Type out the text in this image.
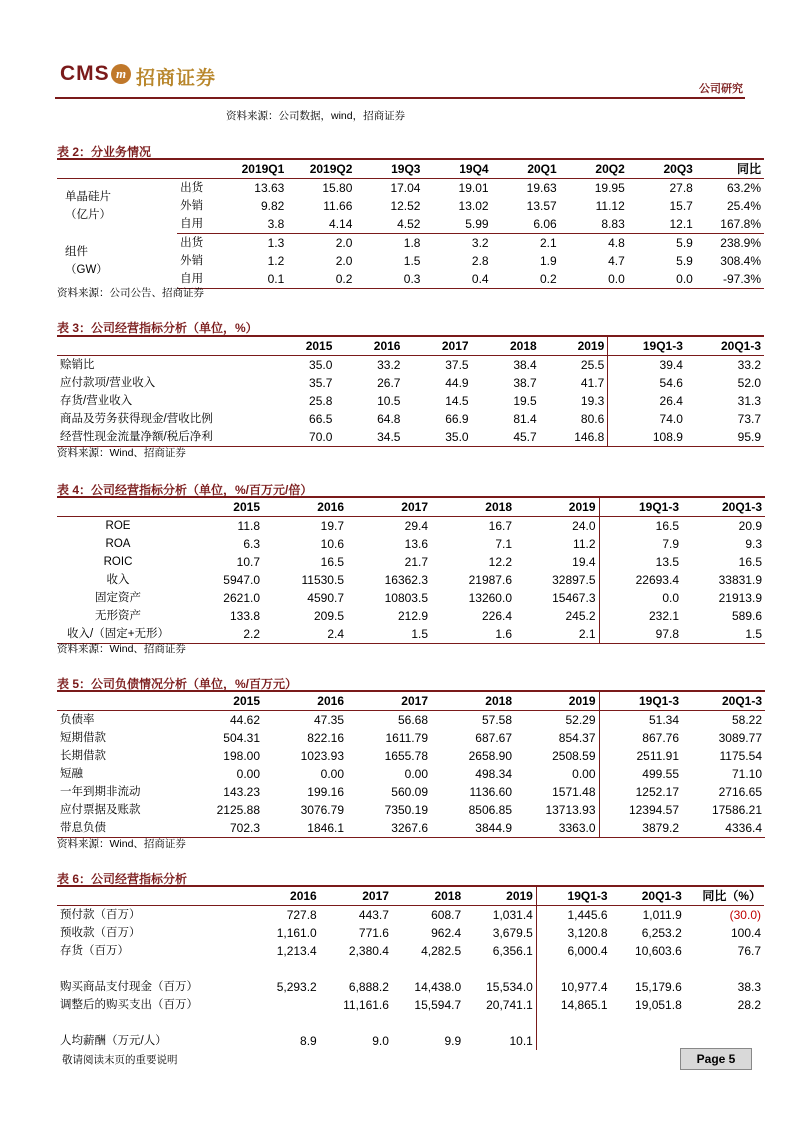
CMS m 招商证券	公司研究
资料来源：公司数据，wind，招商证券
表 2：分业务情况
		2019Q1	2019Q2	19Q3	19Q4	20Q1	20Q2	20Q3	同比

单晶硅片
（亿片）	出货	13.63	15.80	17.04	19.01	19.63	19.95	27.8	63.2%
	外销	9.82	11.66	12.52	13.02	13.57	11.12	15.7	25.4%
	自用	3.8	4.14	4.52	5.99	6.06	8.83	12.1	167.8%

组件
（GW）	出货	1.3	2.0	1.8	3.2	2.1	4.8	5.9	238.9%
	外销	1.2	2.0	1.5	2.8	1.9	4.7	5.9	308.4%
	自用	0.1	0.2	0.3	0.4	0.2	0.0	0.0	-97.3%
资料来源：公司公告、招商证券
表 3：公司经营指标分析（单位，%）
	2015	2016	2017	2018	2019	19Q1-3	20Q1-3
赊销比	35.0	33.2	37.5	38.4	25.5	39.4	33.2
应付款项/营业收入	35.7	26.7	44.9	38.7	41.7	54.6	52.0
存货/营业收入	25.8	10.5	14.5	19.5	19.3	26.4	31.3
商品及劳务获得现金/营收比例	66.5	64.8	66.9	81.4	80.6	74.0	73.7
经营性现金流量净额/税后净利	70.0	34.5	35.0	45.7	146.8	108.9	95.9
资料来源：Wind、招商证券
表 4：公司经营指标分析（单位，%/百万元/倍）
	2015	2016	2017	2018	2019	19Q1-3	20Q1-3
ROE	11.8	19.7	29.4	16.7	24.0	16.5	20.9
ROA	6.3	10.6	13.6	7.1	11.2	7.9	9.3
ROIC	10.7	16.5	21.7	12.2	19.4	13.5	16.5
收入	5947.0	11530.5	16362.3	21987.6	32897.5	22693.4	33831.9
固定资产	2621.0	4590.7	10803.5	13260.0	15467.3	0.0	21913.9
无形资产	133.8	209.5	212.9	226.4	245.2	232.1	589.6
收入/（固定+无形）	2.2	2.4	1.5	1.6	2.1	97.8	1.5
资料来源：Wind、招商证券
表 5：公司负债情况分析（单位，%/百万元）
	2015	2016	2017	2018	2019	19Q1-3	20Q1-3
负债率	44.62	47.35	56.68	57.58	52.29	51.34	58.22
短期借款	504.31	822.16	1611.79	687.67	854.37	867.76	3089.77
长期借款	198.00	1023.93	1655.78	2658.90	2508.59	2511.91	1175.54
短融	0.00	0.00	0.00	498.34	0.00	499.55	71.10
一年到期非流动	143.23	199.16	560.09	1136.60	1571.48	1252.17	2716.65
应付票据及账款	2125.88	3076.79	7350.19	8506.85	13713.93	12394.57	17586.21
带息负债	702.3	1846.1	3267.6	3844.9	3363.0	3879.2	4336.4
资料来源：Wind、招商证券
表 6：公司经营指标分析
	2016	2017	2018	2019	19Q1-3	20Q1-3	同比（%）
预付款（百万）	727.8	443.7	608.7	1,031.4	1,445.6	1,011.9	(30.0)
预收款（百万）	1,161.0	771.6	962.4	3,679.5	3,120.8	6,253.2	100.4
存货（百万）	1,213.4	2,380.4	4,282.5	6,356.1	6,000.4	10,603.6	76.7

购买商品支付现金（百万）	5,293.2	6,888.2	14,438.0	15,534.0	10,977.4	15,179.6	38.3
调整后的购买支出（百万）		11,161.6	15,594.7	20,741.1	14,865.1	19,051.8	28.2

人均薪酬（万元/人）	8.9	9.0	9.9	10.1			
敬请阅读末页的重要说明	Page 5
